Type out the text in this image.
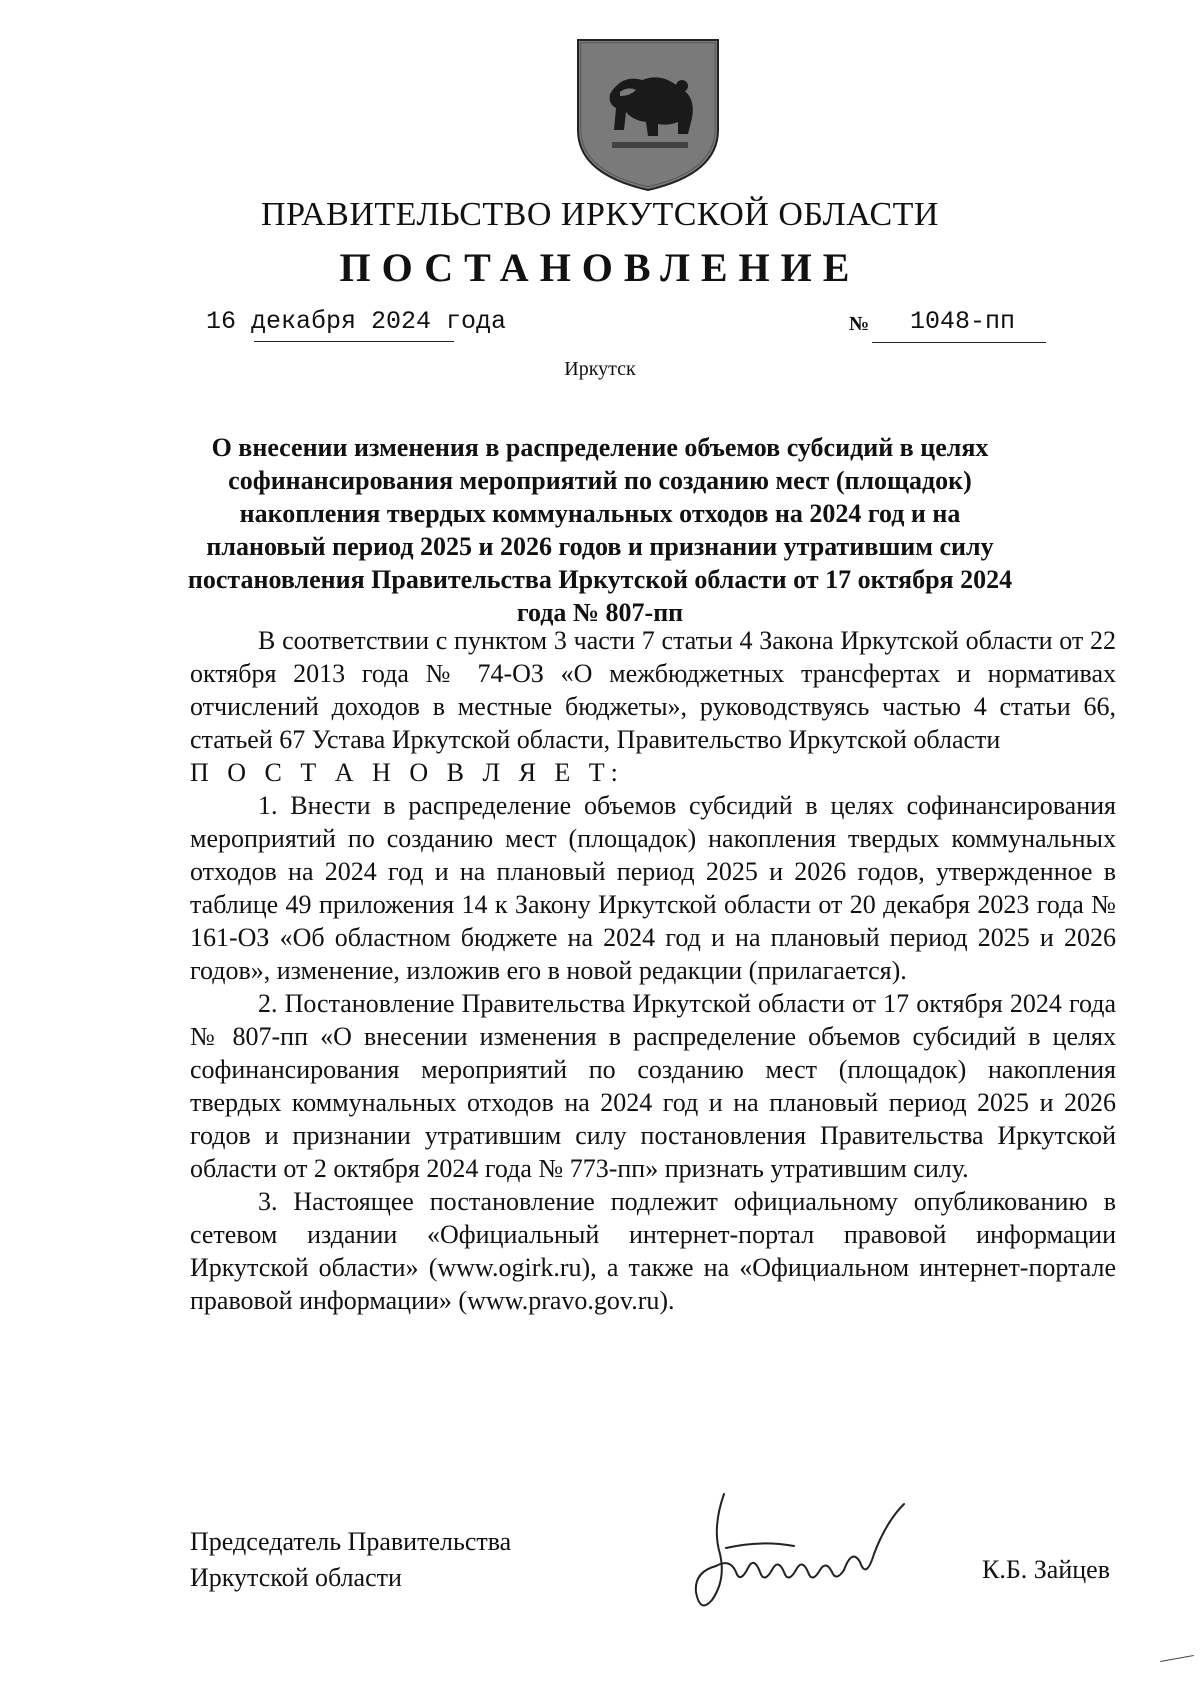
ПРАВИТЕЛЬСТВО ИРКУТСКОЙ ОБЛАСТИ
ПОСТАНОВЛЕНИЕ
16 декабря 2024 года	№ 1048-пп
Иркутск
О внесении изменения в распределение объемов субсидий в целях софинансирования мероприятий по созданию мест (площадок) накопления твердых коммунальных отходов на 2024 год и на плановый период 2025 и 2026 годов и признании утратившим силу постановления Правительства Иркутской области от 17 октября 2024 года № 807-пп

В соответствии с пунктом 3 части 7 статьи 4 Закона Иркутской области от 22 октября 2013 года № 74-ОЗ «О межбюджетных трансфертах и нормативах отчислений доходов в местные бюджеты», руководствуясь частью 4 статьи 66, статьей 67 Устава Иркутской области, Правительство Иркутской области

П О С Т А Н О В Л Я Е Т:

1. Внести в распределение объемов субсидий в целях софинансирования мероприятий по созданию мест (площадок) накопления твердых коммунальных отходов на 2024 год и на плановый период 2025 и 2026 годов, утвержденное в таблице 49 приложения 14 к Закону Иркутской области от 20 декабря 2023 года № 161-ОЗ «Об областном бюджете на 2024 год и на плановый период 2025 и 2026 годов», изменение, изложив его в новой редакции (прилагается).

2. Постановление Правительства Иркутской области от 17 октября 2024 года № 807-пп «О внесении изменения в распределение объемов субсидий в целях софинансирования мероприятий по созданию мест (площадок) накопления твердых коммунальных отходов на 2024 год и на плановый период 2025 и 2026 годов и признании утратившим силу постановления Правительства Иркутской области от 2 октября 2024 года № 773-пп» признать утратившим силу.

3. Настоящее постановление подлежит официальному опубликованию в сетевом издании «Официальный интернет-портал правовой информации Иркутской области» (www.ogirk.ru), а также на «Официальном интернет-портале правовой информации» (www.pravo.gov.ru).

Председатель Правительства
Иркутской области	К.Б. Зайцев
